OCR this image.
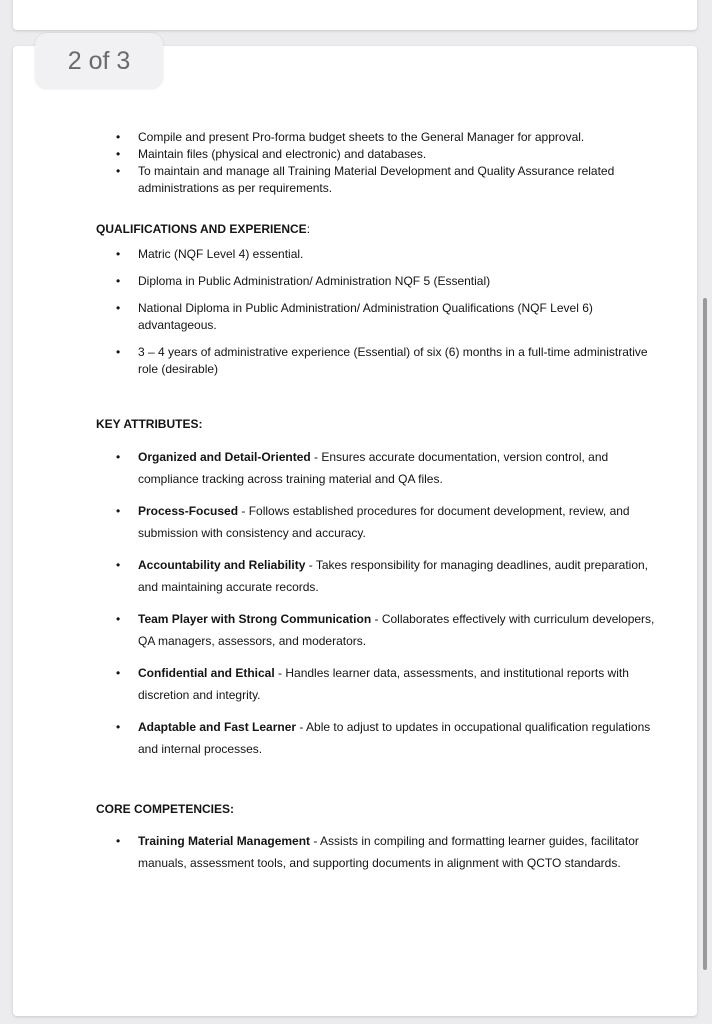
2 of 3
• Compile and present Pro-forma budget sheets to the General Manager for approval.
• Maintain files (physical and electronic) and databases.
• To maintain and manage all Training Material Development and Quality Assurance related administrations as per requirements.
QUALIFICATIONS AND EXPERIENCE:
• Matric (NQF Level 4) essential.
• Diploma in Public Administration/ Administration NQF 5 (Essential)
• National Diploma in Public Administration/ Administration Qualifications (NQF Level 6) advantageous.
• 3 – 4 years of administrative experience (Essential) of six (6) months in a full-time administrative role (desirable)
KEY ATTRIBUTES:
• Organized and Detail-Oriented - Ensures accurate documentation, version control, and compliance tracking across training material and QA files.
• Process-Focused - Follows established procedures for document development, review, and submission with consistency and accuracy.
• Accountability and Reliability - Takes responsibility for managing deadlines, audit preparation, and maintaining accurate records.
• Team Player with Strong Communication - Collaborates effectively with curriculum developers, QA managers, assessors, and moderators.
• Confidential and Ethical - Handles learner data, assessments, and institutional reports with discretion and integrity.
• Adaptable and Fast Learner - Able to adjust to updates in occupational qualification regulations and internal processes.
CORE COMPETENCIES:
• Training Material Management - Assists in compiling and formatting learner guides, facilitator manuals, assessment tools, and supporting documents in alignment with QCTO standards.
